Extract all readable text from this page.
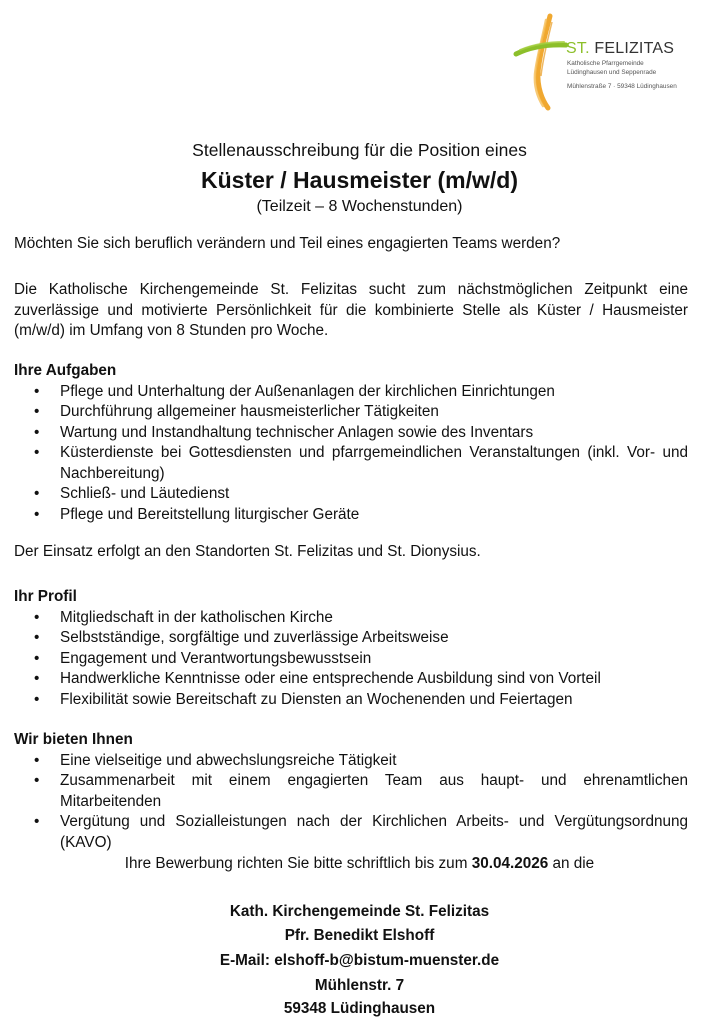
ST. FELIZITAS
Katholische Pfarrgemeinde
Lüdinghausen und Seppenrade
Mühlenstraße 7 · 59348 Lüdinghausen
Stellenausschreibung für die Position eines
Küster / Hausmeister (m/w/d)
(Teilzeit – 8 Wochenstunden)
Möchten Sie sich beruflich verändern und Teil eines engagierten Teams werden?
Die Katholische Kirchengemeinde St. Felizitas sucht zum nächstmöglichen Zeitpunkt eine zuverlässige und motivierte Persönlichkeit für die kombinierte Stelle als Küster / Hausmeister (m/w/d) im Umfang von 8 Stunden pro Woche.
Ihre Aufgaben
• Pflege und Unterhaltung der Außenanlagen der kirchlichen Einrichtungen
• Durchführung allgemeiner hausmeisterlicher Tätigkeiten
• Wartung und Instandhaltung technischer Anlagen sowie des Inventars
• Küsterdienste bei Gottesdiensten und pfarrgemeindlichen Veranstaltungen (inkl. Vor- und Nachbereitung)
• Schließ- und Läutedienst
• Pflege und Bereitstellung liturgischer Geräte
Der Einsatz erfolgt an den Standorten St. Felizitas und St. Dionysius.
Ihr Profil
• Mitgliedschaft in der katholischen Kirche
• Selbstständige, sorgfältige und zuverlässige Arbeitsweise
• Engagement und Verantwortungsbewusstsein
• Handwerkliche Kenntnisse oder eine entsprechende Ausbildung sind von Vorteil
• Flexibilität sowie Bereitschaft zu Diensten an Wochenenden und Feiertagen
Wir bieten Ihnen
• Eine vielseitige und abwechslungsreiche Tätigkeit
• Zusammenarbeit mit einem engagierten Team aus haupt- und ehrenamtlichen Mitarbeitenden
• Vergütung und Sozialleistungen nach der Kirchlichen Arbeits- und Vergütungsordnung (KAVO)
Ihre Bewerbung richten Sie bitte schriftlich bis zum 30.04.2026 an die
Kath. Kirchengemeinde St. Felizitas
Pfr. Benedikt Elshoff
E-Mail: elshoff-b@bistum-muenster.de
Mühlenstr. 7
59348 Lüdinghausen
